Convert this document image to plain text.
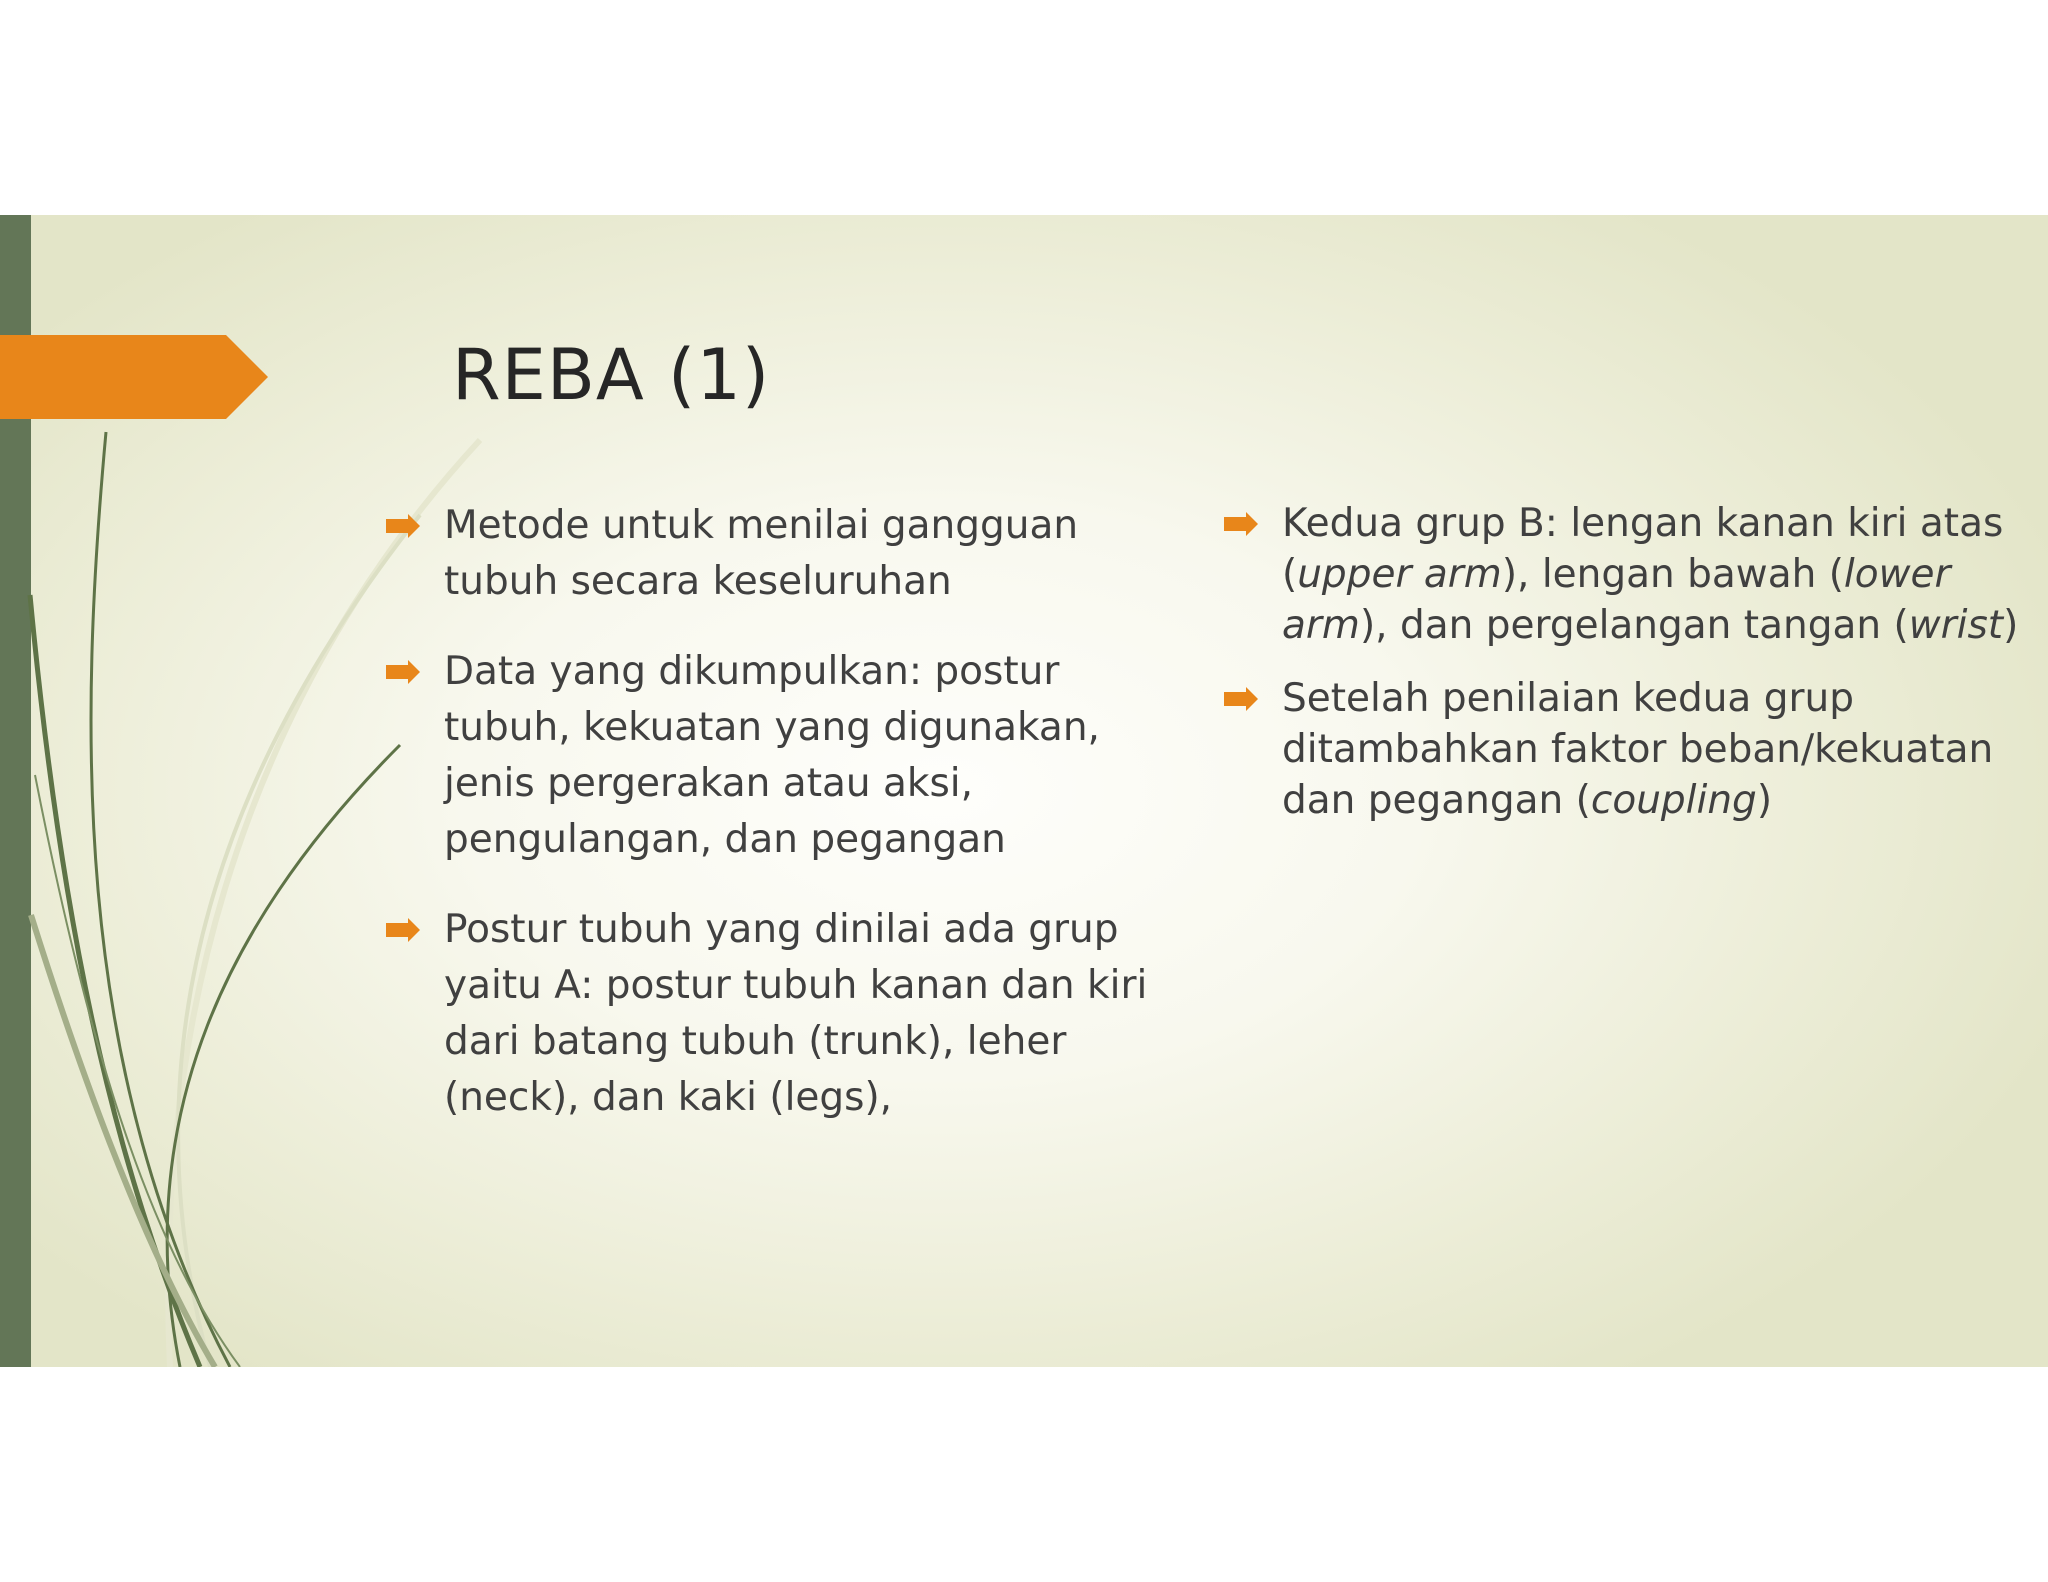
REBA (1)
Metode untuk menilai gangguan tubuh secara keseluruhan
Data yang dikumpulkan: postur tubuh, kekuatan yang digunakan, jenis pergerakan atau aksi, pengulangan, dan pegangan
Postur tubuh yang dinilai ada grup yaitu A: postur tubuh kanan dan kiri dari batang tubuh (trunk), leher (neck), dan kaki (legs),
Kedua grup B: lengan kanan kiri atas (upper arm), lengan bawah (lower arm), dan pergelangan tangan (wrist)
Setelah penilaian kedua grup ditambahkan faktor beban/kekuatan dan pegangan (coupling)
